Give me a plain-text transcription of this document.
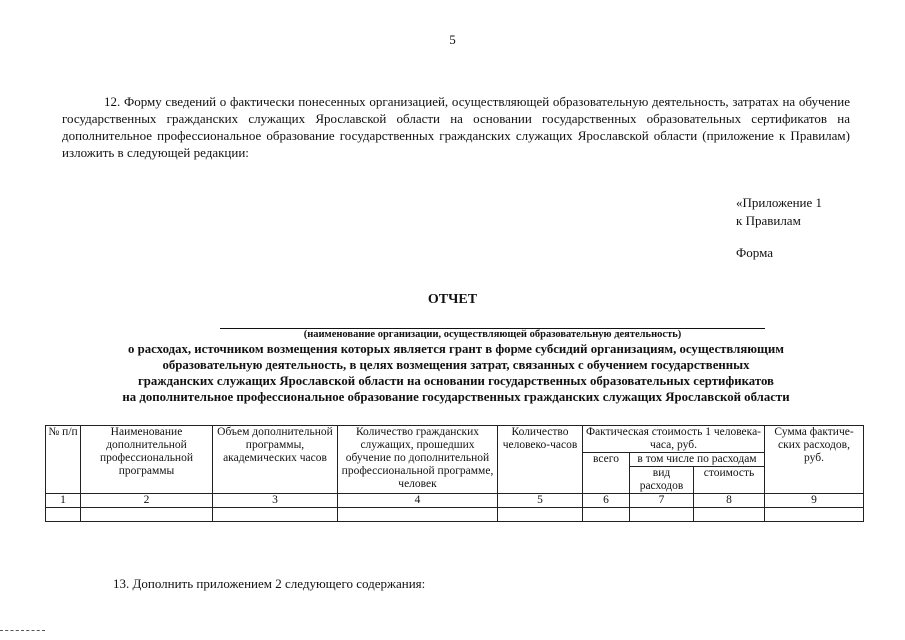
5

12. Форму сведений о фактически понесенных организацией, осуществляющей образовательную деятельность, затратах на обучение государственных гражданских служащих Ярославской области на основании государственных образовательных сертификатов на дополнительное профессиональное образование государственных гражданских служащих Ярославской области (приложение к Правилам) изложить в следующей редакции:

«Приложение 1
к Правилам
Форма
ОТЧЕТ
(наименование организации, осуществляющей образовательную деятельность)
о расходах, источником возмещения которых является грант в форме субсидий организациям, осуществляющим
образовательную деятельность, в целях возмещения затрат, связанных с обучением государственных
гражданских служащих Ярославской области на основании государственных образовательных сертификатов
на дополнительное профессиональное образование государственных гражданских служащих Ярославской области
№ п/п	Наименование дополнительной профессиональной программы	Объем дополнительной программы, академических часов	Количество гражданских служащих, прошедших обучение по дополнительной профессиональной программе, человек	Количество человеко-часов	Фактическая стоимость 1 человека-часа, руб.			Сумма фактиче-ских расходов, руб.
					всего	в том числе по расходам		
						вид расходов	стоимость	
1	2	3	4	5	6	7	8	9

13. Дополнить приложением 2 следующего содержания:
